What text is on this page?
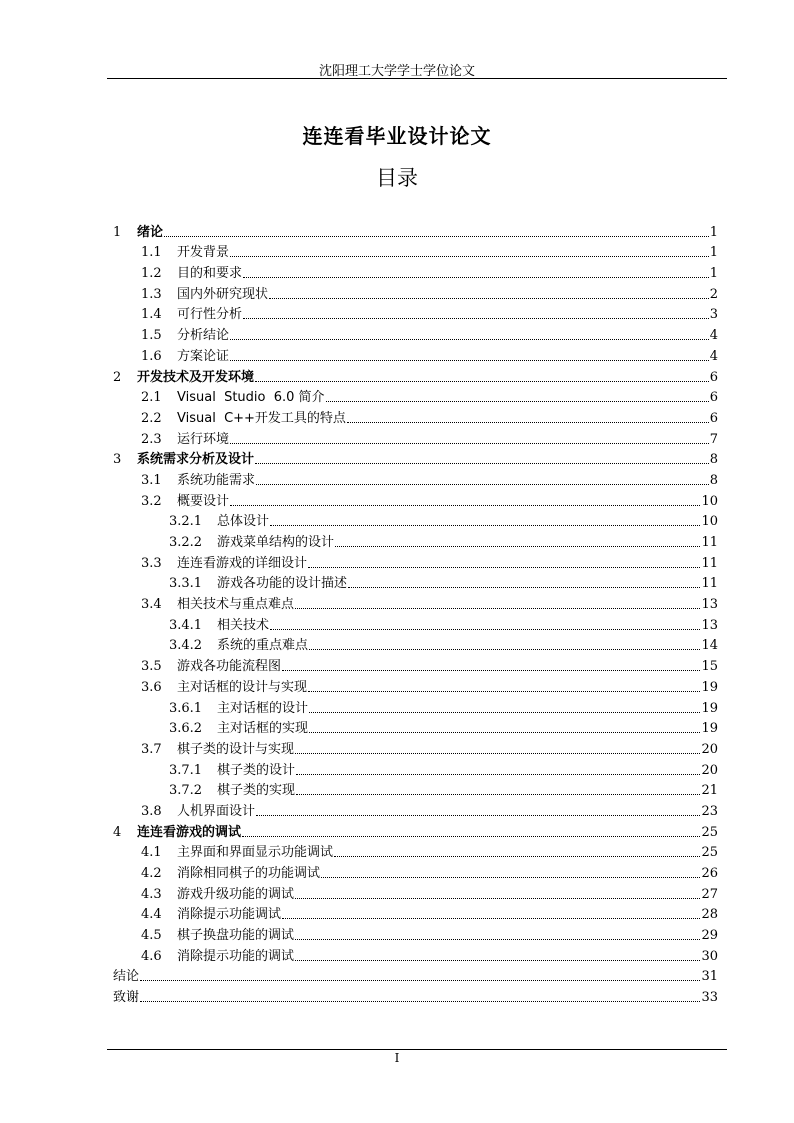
沈阳理工大学学士学位论文
连连看毕业设计论文
目录
1	绪论	1
1.1	开发背景	1
1.2	目的和要求	1
1.3	国内外研究现状	2
1.4	可行性分析	3
1.5	分析结论	4
1.6	方案论证	4
2	开发技术及开发环境	6
2.1	Visual  Studio  6.0 简介	6
2.2	Visual  C++开发工具的特点	6
2.3	运行环境	7
3	系统需求分析及设计	8
3.1	系统功能需求	8
3.2	概要设计	10
3.2.1	总体设计	10
3.2.2	游戏菜单结构的设计	11
3.3	连连看游戏的详细设计	11
3.3.1	游戏各功能的设计描述	11
3.4	相关技术与重点难点	13
3.4.1	相关技术	13
3.4.2	系统的重点难点	14
3.5	游戏各功能流程图	15
3.6	主对话框的设计与实现	19
3.6.1	主对话框的设计	19
3.6.2	主对话框的实现	19
3.7	棋子类的设计与实现	20
3.7.1	棋子类的设计	20
3.7.2	棋子类的实现	21
3.8	人机界面设计	23
4	连连看游戏的调试	25
4.1	主界面和界面显示功能调试	25
4.2	消除相同棋子的功能调试	26
4.3	游戏升级功能的调试	27
4.4	消除提示功能调试	28
4.5	棋子换盘功能的调试	29
4.6	消除提示功能的调试	30
结论	31
致谢	33
I
